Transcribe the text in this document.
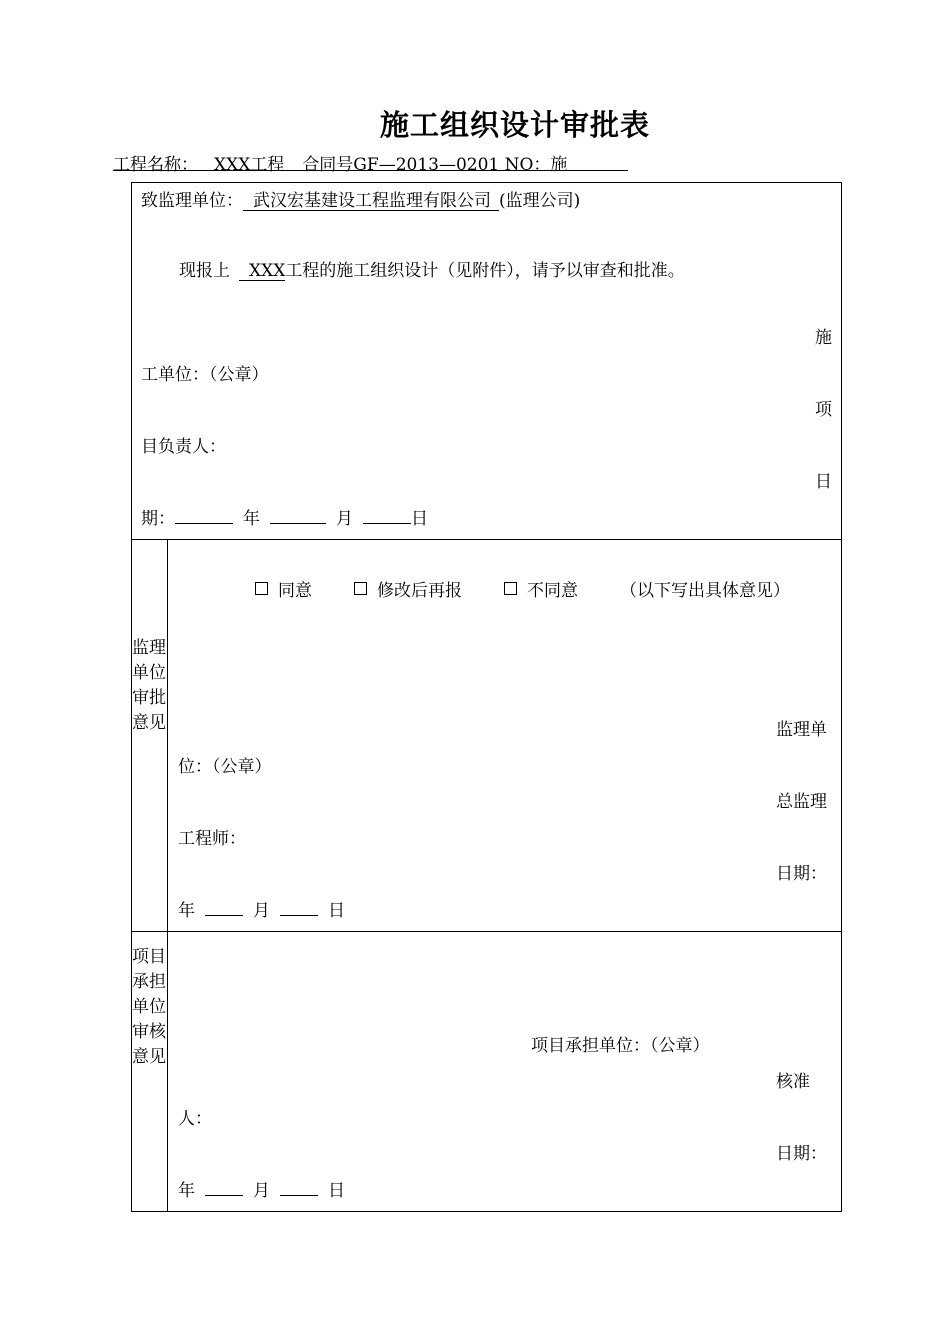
施工组织设计审批表
工程名称： XXX工程 合同号GF—2013—0201 NO：施
致监理单位： 武汉宏基建设工程监理有限公司 (监理公司)
现报上 XXX工程的施工组织设计（见附件），请予以审查和批准。
施
工单位：（公章）
项
目负责人：
日
期：	年	月	日
监理单位审批意见
同意	修改后再报	不同意 （以下写出具体意见）
监理单
位：（公章）
总监理
工程师：
日期：
年	月	日
项目承担单位审核意见
项目承担单位：（公章）
核准
人：
日期：
年	月	日
